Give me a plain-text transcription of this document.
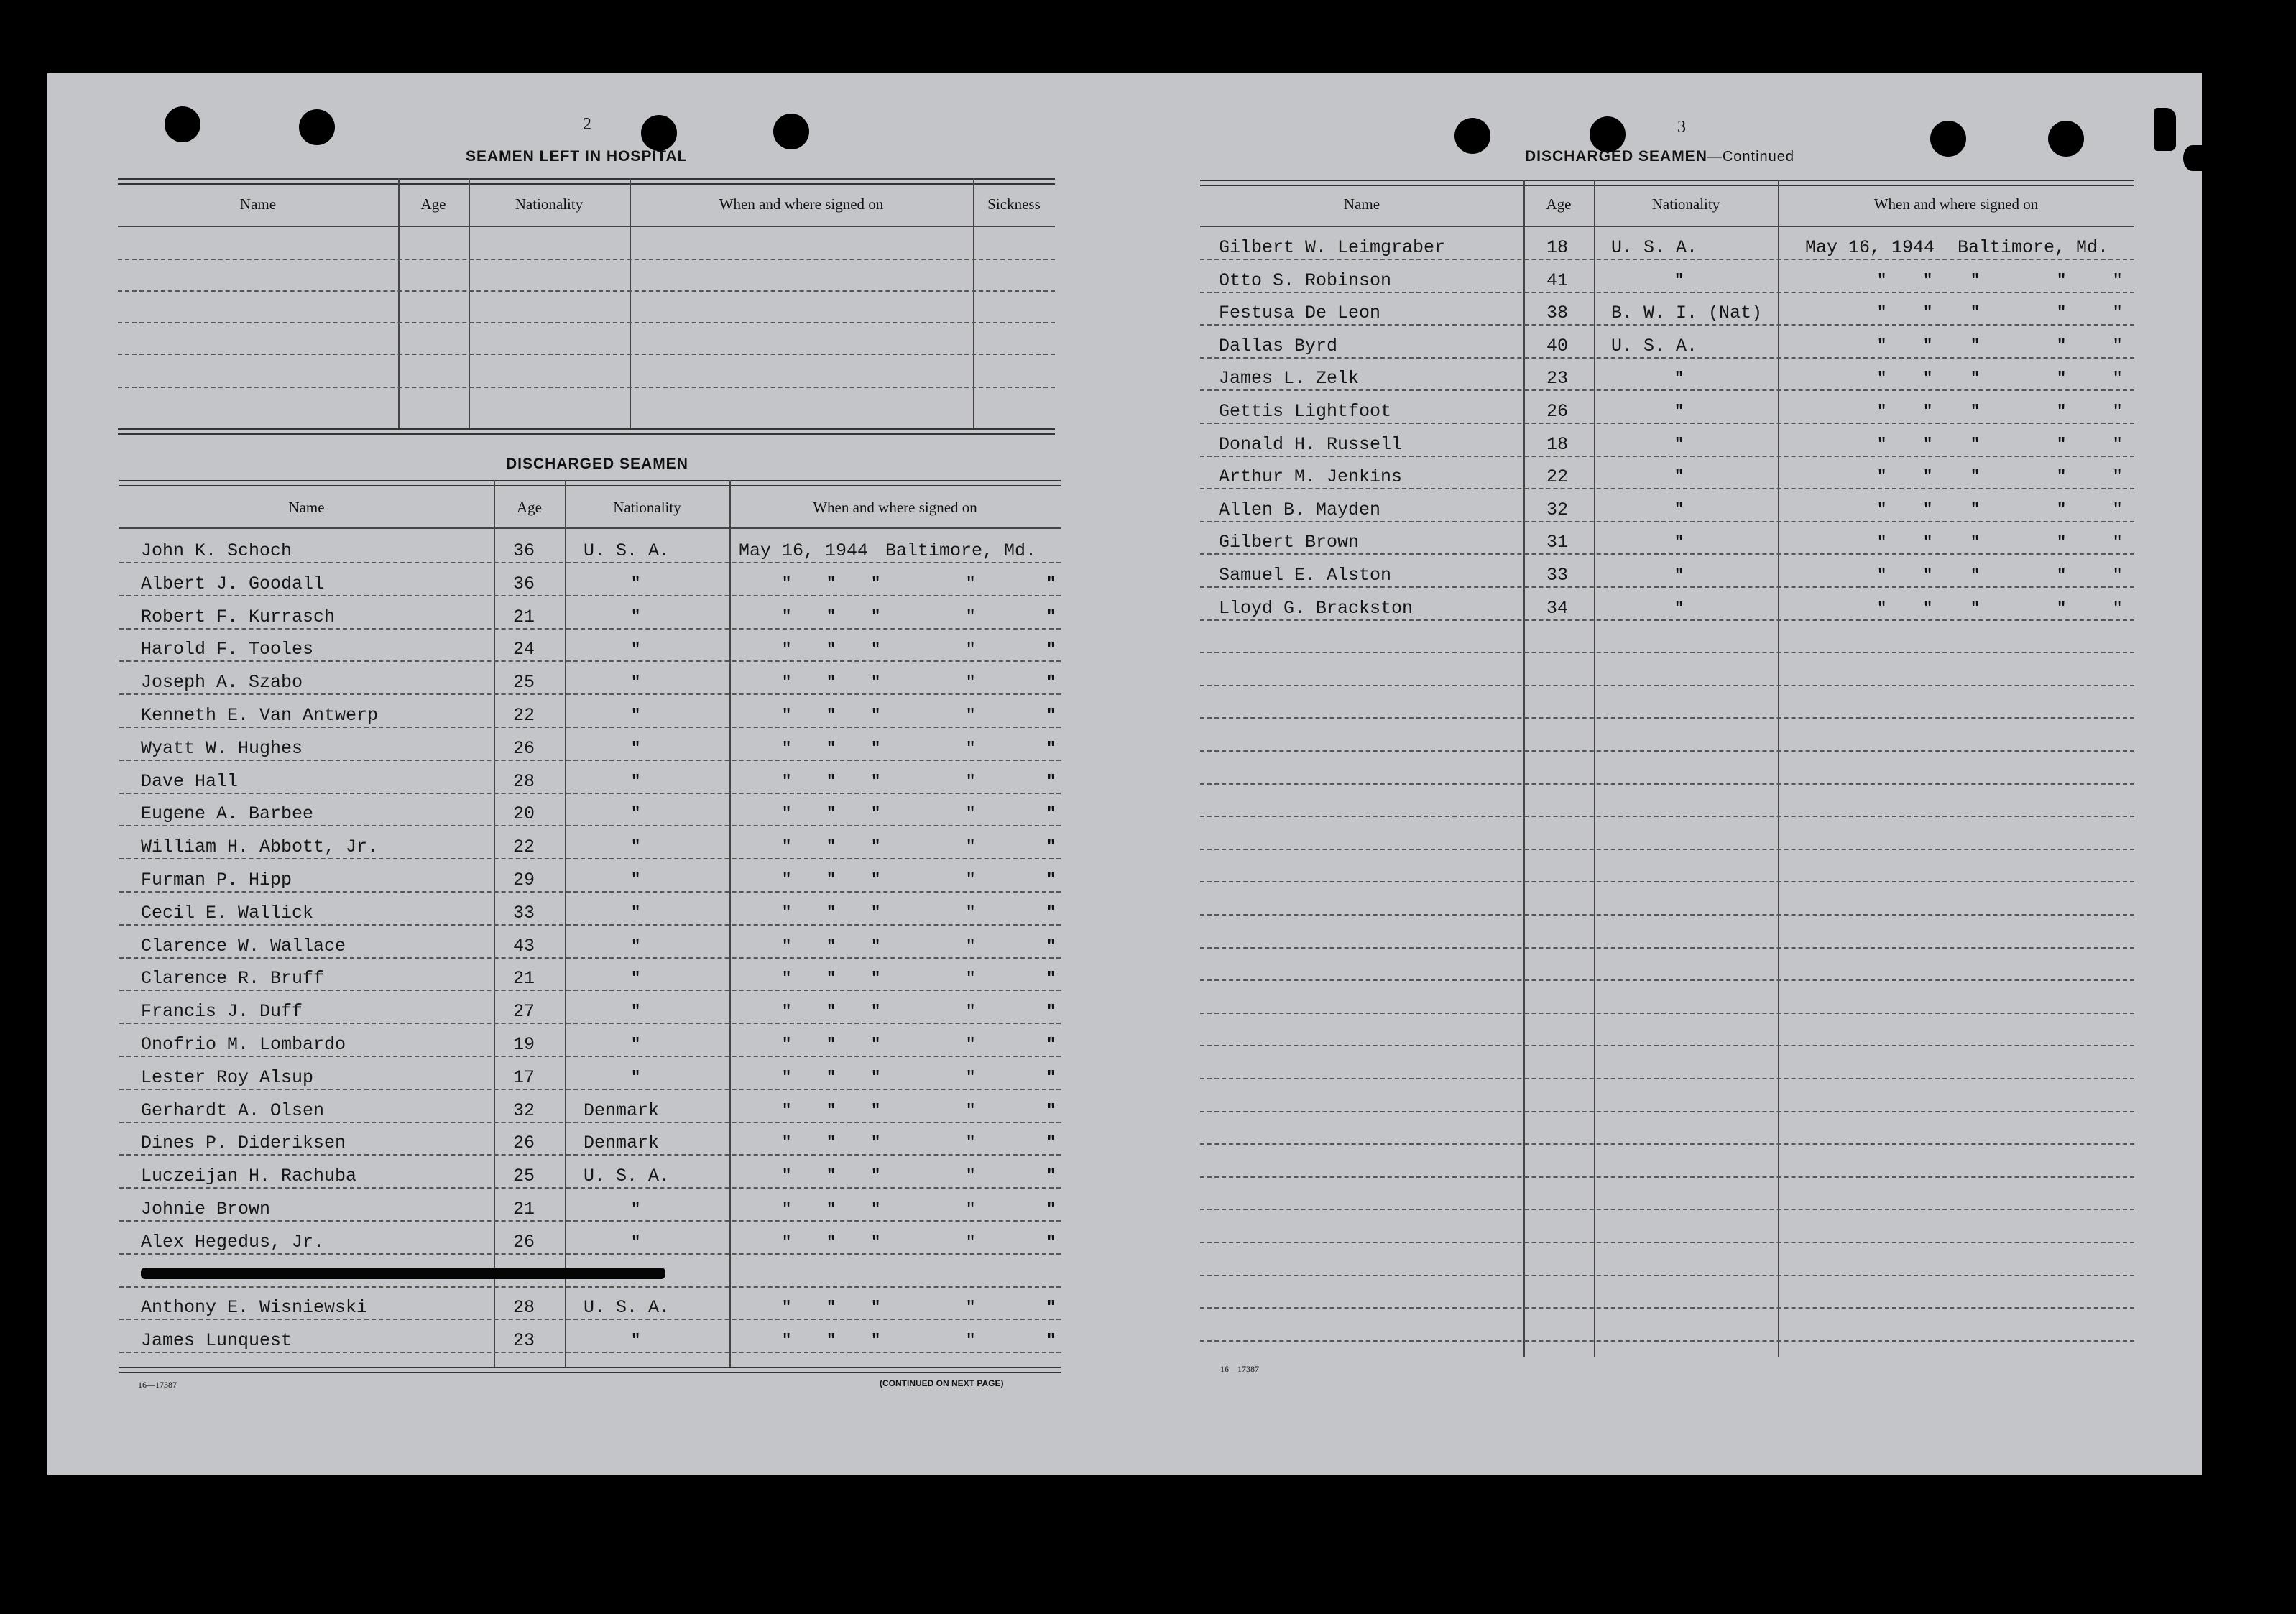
2
SEAMEN LEFT IN HOSPITAL
Name	Age	Nationality	When and where signed on	Sickness
DISCHARGED SEAMEN
Name	Age	Nationality	When and where signed on
John K. Schoch	36	U. S. A.	May 16, 1944 Baltimore, Md.
Albert J. Goodall	36	"	" " "	"	"
Robert F. Kurrasch	21	"	" " "	"	"
Harold F. Tooles	24	"	" " "	"	"
Joseph A. Szabo	25	"	" " "	"	"
Kenneth E. Van Antwerp	22	"	" " "	"	"
Wyatt W. Hughes	26	"	" " "	"	"
Dave Hall	28	"	" " "	"	"
Eugene A. Barbee	20	"	" " "	"	"
William H. Abbott, Jr.	22	"	" " "	"	"
Furman P. Hipp	29	"	" " "	"	"
Cecil E. Wallick	33	"	" " "	"	"
Clarence W. Wallace	43	"	" " "	"	"
Clarence R. Bruff	21	"	" " "	"	"
Francis J. Duff	27	"	" " "	"	"
Onofrio M. Lombardo	19	"	" " "	"	"
Lester Roy Alsup	17	"	" " "	"	"
Gerhardt A. Olsen	32	Denmark	" " "	"	"
Dines P. Dideriksen	26	Denmark	" " "	"	"
Luczeijan H. Rachuba	25	U. S. A.	" " "	"	"
Johnie Brown	21	"	" " "	"	"
Alex Hegedus, Jr.	26	"	" " "	"	"
Anthony E. Wisniewski	28	U. S. A.	" " "	"	"
James Lunquest	23	"	" " "	"	"
16—17387	(CONTINUED ON NEXT PAGE)
3
DISCHARGED SEAMEN—Continued
Name	Age	Nationality	When and where signed on
Gilbert W. Leimgraber	18 U. S. A.	May 16, 1944 Baltimore, Md.
Otto S. Robinson	41	"	" " "	"	"
Festusa De Leon	38 B. W. I. (Nat)	" " "	"	"
Dallas Byrd	40 U. S. A.	" " "	"	"
James L. Zelk	23	"	" " "	"	"
Gettis Lightfoot	26	"	" " "	"	"
Donald H. Russell	18	"	" " "	"	"
Arthur M. Jenkins	22	"	" " "	"	"
Allen B. Mayden	32	"	" " "	"	"
Gilbert Brown	31	"	" " "	"	"
Samuel E. Alston	33	"	" " "	"	"
Lloyd G. Brackston	34	"	" " "	"	"
16—17387
